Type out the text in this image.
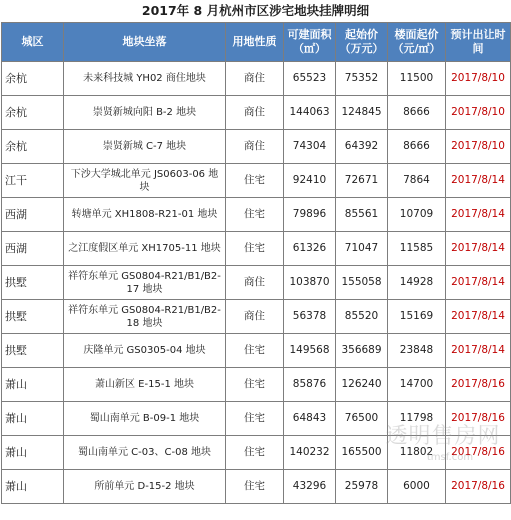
2017年 8 月杭州市区涉宅地块挂牌明细
城区	地块坐落	用地性质	可建面积（㎡）	起始价（万元）	楼面起价（元/㎡）	预计出让时间
余杭	未来科技城 YH02 商住地块	商住	65523	75352	11500	2017/8/10
余杭	崇贤新城向阳 B-2 地块	商住	144063	124845	8666	2017/8/10
余杭	崇贤新城 C-7 地块	商住	74304	64392	8666	2017/8/10
江干	下沙大学城北单元 JS0603-06 地块	住宅	92410	72671	7864	2017/8/14
西湖	转塘单元 XH1808-R21-01 地块	住宅	79896	85561	10709	2017/8/14
西湖	之江度假区单元 XH1705-11 地块	住宅	61326	71047	11585	2017/8/14
拱墅	祥符东单元 GS0804-R21/B1/B2-17 地块	商住	103870	155058	14928	2017/8/14
拱墅	祥符东单元 GS0804-R21/B1/B2-18 地块	商住	56378	85520	15169	2017/8/14
拱墅	庆隆单元 GS0305-04 地块	住宅	149568	356689	23848	2017/8/14
萧山	萧山新区 E-15-1 地块	住宅	85876	126240	14700	2017/8/16
萧山	蜀山南单元 B-09-1 地块	住宅	64843	76500	11798	2017/8/16
萧山	蜀山南单元 C-03、C-08 地块	住宅	140232	165500	11802	2017/8/16
萧山	所前单元 D-15-2 地块	住宅	43296	25978	6000	2017/8/16
透明售房网
tmsf.com
